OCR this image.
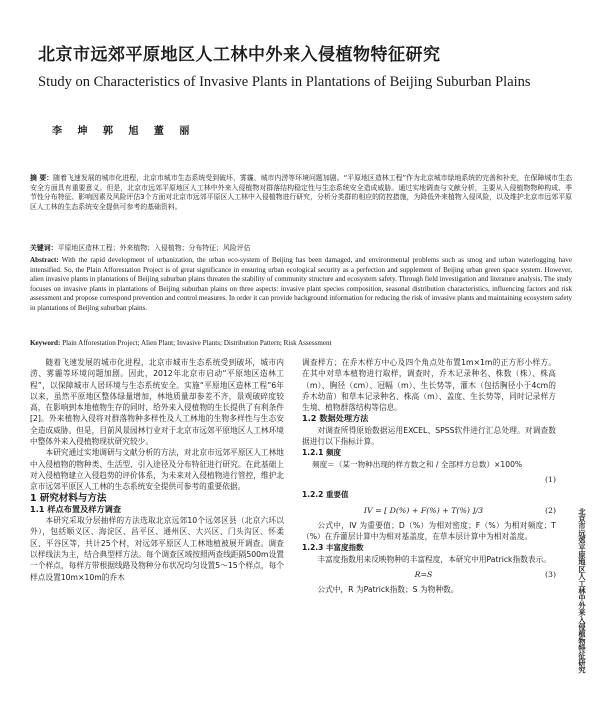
北京市远郊平原地区人工林中外来入侵植物特征研究
Study on Characteristics of Invasive Plants in Plantations of Beijing Suburban Plains
李 坤 郭 旭 董 丽
摘 要：随着飞速发展的城市化进程，北京市城市生态系统受到破坏，雾霾、城市内涝等环境问题加剧。“平原地区造林工程”作为北京城市绿地系统的完善和补充，在保障城市生态安全方面具有重要意义。但是，北京市远郊平原地区人工林中外来入侵植物对群落结构稳定性与生态系统安全造成威胁。通过实地调查与文献分析，主要从入侵植物物种构成、季节性分布特征、影响因素及风险评估3个方面对北京市远郊平原区人工林中入侵植物进行研究，分析分类群的相应的防控措施，为降低外来植物入侵风险，以及维护北京市远郊平原区人工林的生态系统安全提供可参考的基础资料。
关键词：平原地区造林工程；外来植物；入侵植物；分布特征；风险评估
Abstract: With the rapid development of urbanization, the urban eco-system of Beijing has been damaged, and environmental problems such as smog and urban waterlogging have intensified. So, the Plain Afforestation Project is of great significance in ensuring urban ecological security as a perfection and supplement of Beijing urban green space system. However, alien invasive plants in plantations of Beijing suburban plains threaten the stability of community structure and ecosystem safety. Through field investigation and literature analysis, The study focuses on invasive plants in plantations of Beijing suburban plains on three aspects: invasive plant species composition, seasonal distribution characteristics, influencing factors and risk assessment and propose correspond prevention and control measures. In order it can provide background information for reducing the risk of invasive plants and maintaining ecosystem safety in plantations of Beijing suburban plains.
Keyword: Plain Afforestation Project; Alien Plant; Invasive Plants; Distribution Pattern; Risk Assessment

随着飞速发展的城市化进程，北京市城市生态系统受到破坏，城市内涝、雾霾等环境问题加剧。因此，2012年北京市启动“平原地区造林工程”，以保障城市人居环境与生态系统安全。实施“平原地区造林工程”6年以来，虽然平原地区整体绿量增加，林地质量却参差不齐，景观破碎度较高，在影响到本地植物生存的同时，给外来入侵植物的生长提供了有利条件[2]。外来植物入侵将对群落物种多样性及人工林地的生物多样性与生态安全造成威胁。但是，目前风景园林行业对于北京市远郊平原地区人工林环境中整体外来入侵植物现状研究较少。

本研究通过实地调研与文献分析的方法，对北京市远郊平原区人工林地中入侵植物的物种类、生活型、引入途径及分布特征进行研究。在此基础上对入侵植物建立入侵趋势的评价体系，为未来对入侵植物进行管控，维护北京市远郊平原区人工林的生态系统安全提供可参考的重要依据。

1 研究材料与方法

1.1 样点布置及样方调查

本研究采取分层抽样的方法选取北京远郊10个远郊区县（北京六环以外），包括顺义区、海淀区、昌平区、通州区、大兴区、门头沟区、怀柔区、平谷区等，共计25个村，对远郊平原区人工林地植被展开调查。调查以样线法为主，结合典型样方法。每个调查区域按照两查线距隔500m设置一个样点，每样方带根据线路及物种分布状况均匀设置5～15个样点，每个样点设置10m×10m的乔木

调查样方；在乔木样方中心及四个角点处布置1m×1m的正方形小样方。在其中对草本植物进行取样，调查时，乔木记录种名、株数（株）、株高（m）、胸径（cm）、冠幅（m）、生长势等，灌木（包括胸径小于4cm的乔木幼苗）和草本记录种名、株高（m）、盖度、生长势等，同时记录样方生境、植物群落结构等信息。

1.2 数据处理方法

对调查所得原始数据运用EXCEL、SPSS软件进行汇总处理。对调查数据进行以下指标计算。

1.2.1 频度

频度＝（某一物种出现的样方数之和 / 全部样方总数）×100%

(1)

1.2.2 重要值

IV = [ D(%) + F(%) + T(%) ]/3	(2)

公式中，IV 为重要值；D（%）为相对密度；F（%）为相对频度；T（%）在乔灌层计算中为相对基盖度，在草本层计算中为相对盖度。

1.2.3 丰富度指数

丰富度指数用来反映物种的丰富程度，本研究中用Patrick指数表示。

R=S	(3)

公式中，R 为Patrick指数；S 为物种数。	北京市远郊平原地区人工林中外来入侵植物特征研究
